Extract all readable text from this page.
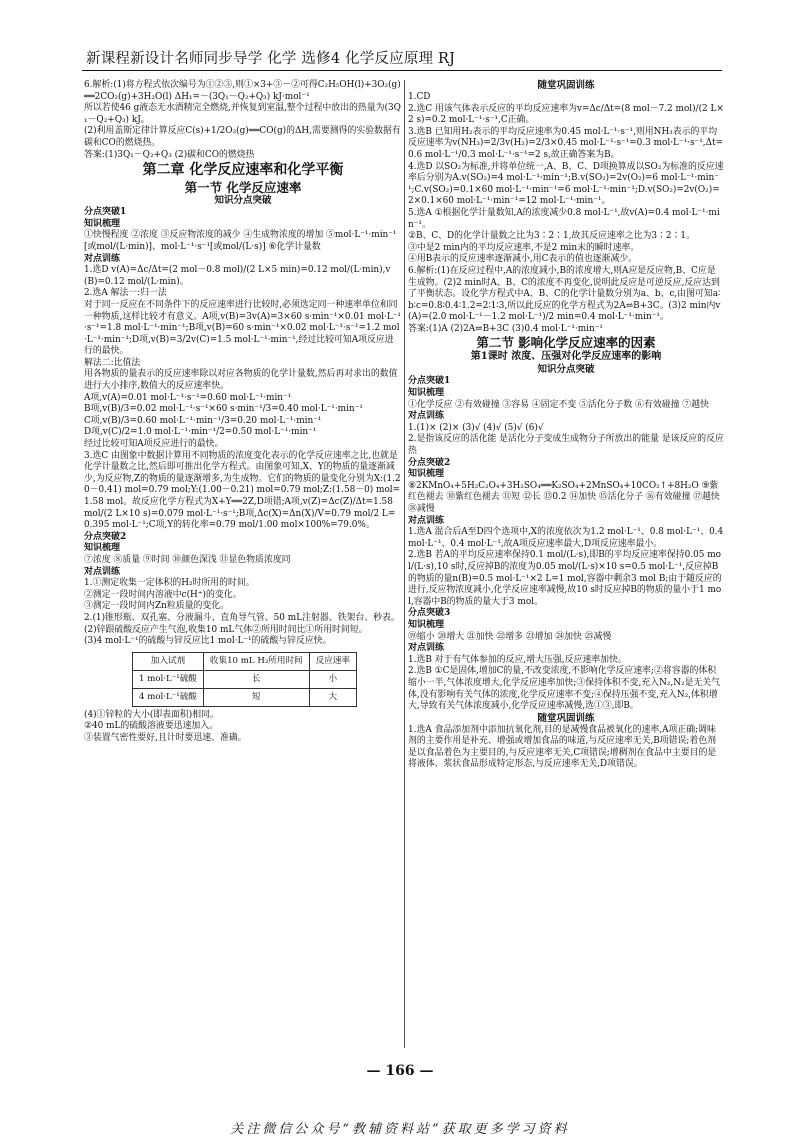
新课程新设计名师同步导学 化学 选修4 化学反应原理 RJ
6.解析:(1)将方程式依次编号为①②③,则①×3+③－②可得C₂H₅OH(l)+3O₂(g)══2CO₂(g)+3H₂O(l) ΔH₁=－(3Q₁－Q₂+Q₃) kJ·mol⁻¹
所以若使46 g液态无水酒精完全燃烧,并恢复到室温,整个过程中放出的热量为(3Q₁－Q₂+Q₃) kJ。
(2)利用盖斯定律计算反应C(s)+1/2O₂(g)══CO(g)的ΔH,需要测得的实验数据有碳和CO的燃烧热。
答案:(1)3Q₁－Q₂+Q₃ (2)碳和CO的燃烧热
第二章 化学反应速率和化学平衡
第一节 化学反应速率
知识分点突破
分点突破1
知识梳理
①快慢程度 ②浓度 ③反应物浓度的减少 ④生成物浓度的增加 ⑤mol·L⁻¹·min⁻¹[或mol/(L·min)]、mol·L⁻¹·s⁻¹[或mol/(L·s)] ⑥化学计量数
对点训练
1.选D v(A)=Δc/Δt=(2 mol－0.8 mol)/(2 L×5 min)=0.12 mol/(L·min),v(B)=0.12 mol/(L·min)。
2.选A 解法一:归一法
对于同一反应在不同条件下的反应速率进行比较时,必须选定同一种速率单位和同一种物质,这样比较才有意义。A项,v(B)=3v(A)=3×60 s·min⁻¹×0.01 mol·L⁻¹·s⁻¹=1.8 mol·L⁻¹·min⁻¹;B项,v(B)=60 s·min⁻¹×0.02 mol·L⁻¹·s⁻¹=1.2 mol·L⁻¹·min⁻¹;D项,v(B)=3/2v(C)=1.5 mol·L⁻¹·min⁻¹,经过比较可知A项反应进行的最快。
解法二:比值法
用各物质的量表示的反应速率除以对应各物质的化学计量数,然后再对求出的数值进行大小排序,数值大的反应速率快。
A项,v(A)=0.01 mol·L⁻¹·s⁻¹=0.60 mol·L⁻¹·min⁻¹
B项,v(B)/3=0.02 mol·L⁻¹·s⁻¹×60 s·min⁻¹/3=0.40 mol·L⁻¹·min⁻¹
C项,v(B)/3=0.60 mol·L⁻¹·min⁻¹/3=0.20 mol·L⁻¹·min⁻¹
D项,v(C)/2=1.0 mol·L⁻¹·min⁻¹/2=0.50 mol·L⁻¹·min⁻¹
经过比较可知A项反应进行的最快。
3.选C 由图象中数据计算用不同物质的浓度变化表示的化学反应速率之比,也就是化学计量数之比,然后即可推出化学方程式。由图象可知,X、Y的物质的量逐渐减少,为反应物,Z的物质的量逐渐增多,为生成物。它们的物质的量变化分别为X:(1.20－0.41) mol=0.79 mol;Y:(1.00－0.21) mol=0.79 mol;Z:(1.58－0) mol=1.58 mol。故反应化学方程式为X+Y══2Z,D项错;A项,v(Z)=Δc(Z)/Δt=1.58 mol/(2 L×10 s)=0.079 mol·L⁻¹·s⁻¹;B项,Δc(X)=Δn(X)/V=0.79 mol/2 L=0.395 mol·L⁻¹;C项,Y的转化率=0.79 mol/1.00 mol×100%=79.0%。
分点突破2
知识梳理
⑦浓度 ⑧质量 ⑨时间 ⑩颜色深浅 ⑪显色物质浓度同
对点训练
1.①测定收集一定体积的H₂时所用的时间。
②测定一段时间内溶液中c(H⁺)的变化。
③测定一段时间内Zn粒质量的变化。
2.(1)锥形瓶、双孔塞、分液漏斗、直角导气管、50 mL注射器、铁架台、秒表。
(2)锌跟硫酸反应产生气泡,收集10 mL气体②所用时间比①所用时间短。
(3)4 mol·L⁻¹的硫酸与锌反应比1 mol·L⁻¹的硫酸与锌反应快。
加入试剂	收集10 mL H₂所用时间	反应速率
1 mol·L⁻¹硫酸	长	小
4 mol·L⁻¹硫酸	短	大
(4)①锌粒的大小(即表面积)相同。
②40 mL的硫酸溶液要迅速加入。
③装置气密性要好,且计时要迅速、准确。
随堂巩固训练
1.CD
2.选C 用该气体表示反应的平均反应速率为v=Δc/Δt=(8 mol－7.2 mol)/(2 L×2 s)=0.2 mol·L⁻¹·s⁻¹,C正确。
3.选B 已知用H₂表示的平均反应速率为0.45 mol·L⁻¹·s⁻¹,则用NH₃表示的平均反应速率为v(NH₃)=2/3v(H₂)=2/3×0.45 mol·L⁻¹·s⁻¹=0.3 mol·L⁻¹·s⁻¹,Δt=0.6 mol·L⁻¹/0.3 mol·L⁻¹·s⁻¹=2 s,故正确答案为B。
4.选D 以SO₂为标准,并将单位统一,A、B、C、D项换算成以SO₂为标准的反应速率后分别为A.v(SO₂)=4 mol·L⁻¹·min⁻¹;B.v(SO₂)=2v(O₂)=6 mol·L⁻¹·min⁻¹;C.v(SO₂)=0.1×60 mol·L⁻¹·min⁻¹=6 mol·L⁻¹·min⁻¹;D.v(SO₂)=2v(O₂)=2×0.1×60 mol·L⁻¹·min⁻¹=12 mol·L⁻¹·min⁻¹。
5.选A ①根据化学计量数知,A的浓度减少0.8 mol·L⁻¹,故v(A)=0.4 mol·L⁻¹·min⁻¹。
②B、C、D的化学计量数之比为3∶2∶1,故其反应速率之比为3∶2∶1。
③中是2 min内的平均反应速率,不是2 min末的瞬时速率。
④用B表示的反应速率逐渐减小,用C表示的值也逐渐减少。
6.解析:(1)在反应过程中,A的浓度减小,B的浓度增大,则A应是反应物,B、C应是生成物。(2)2 min时A、B、C的浓度不再变化,说明此反应是可逆反应,反应达到了平衡状态。设化学方程式中A、B、C的化学计量数分别为a、b、c,由图可知a∶b∶c=0.8∶0.4∶1.2=2∶1∶3,所以此反应的化学方程式为2A⇌B+3C。(3)2 min内v(A)=(2.0 mol·L⁻¹－1.2 mol·L⁻¹)/2 min=0.4 mol·L⁻¹·min⁻¹。
答案:(1)A (2)2A⇌B+3C (3)0.4 mol·L⁻¹·min⁻¹
第二节 影响化学反应速率的因素
第1课时 浓度、压强对化学反应速率的影响
知识分点突破
分点突破1
知识梳理
①化学反应 ②有效碰撞 ③容易 ④固定不变 ⑤活化分子数 ⑥有效碰撞 ⑦越快
对点训练
1.(1)× (2)× (3)√ (4)√ (5)√ (6)√
2.是指该反应的活化能 是活化分子变成生成物分子所放出的能量 是该反应的反应热
分点突破2
知识梳理
⑧2KMnO₄+5H₂C₂O₄+3H₂SO₄══K₂SO₄+2MnSO₄+10CO₂↑+8H₂O ⑨紫红色褪去 ⑩紫红色褪去 ⑪短 ⑫长 ⑬0.2 ⑭加快 ⑮活化分子 ⑯有效碰撞 ⑰越快 ⑱减慢
对点训练
1.选A 混合后A至D四个选项中,X的浓度依次为1.2 mol·L⁻¹、0.8 mol·L⁻¹、0.4 mol·L⁻¹、0.4 mol·L⁻¹,故A项反应速率最大,D项反应速率最小。
2.选B 若A的平均反应速率保持0.1 mol/(L·s),即B的平均反应速率保持0.05 mol/(L·s),10 s时,反应掉B的浓度为0.05 mol/(L·s)×10 s=0.5 mol·L⁻¹,反应掉B的物质的量n(B)=0.5 mol·L⁻¹×2 L=1 mol,容器中剩余3 mol B;由于随反应的进行,反应物浓度减小,化学反应速率减慢,故10 s时反应掉B的物质的量小于1 mol,容器中B的物质的量大于3 mol。
分点突破3
知识梳理
⑲缩小 ⑳增大 ㉑加快 ㉒增多 ㉓增加 ㉔加快 ㉕减慢
对点训练
1.选B 对于有气体参加的反应,增大压强,反应速率加快。
2.选B ①C是固体,增加C的量,不改变浓度,不影响化学反应速率;②将容器的体积缩小一半,气体浓度增大,化学反应速率加快;③保持体积不变,充入N₂,N₂是无关气体,没有影响有关气体的浓度,化学反应速率不变;④保持压强不变,充入N₂,体积增大,导致有关气体浓度减小,化学反应速率减慢,选①③,即B。
随堂巩固训练
1.选A 食品添加剂中添加抗氧化剂,目的是减慢食品被氧化的速率,A项正确;调味剂的主要作用是补充、增强或增加食品的味道,与反应速率无关,B项错误;着色剂是以食品着色为主要目的,与反应速率无关,C项错误;增稠剂在食品中主要目的是将液体、浆状食品形成特定形态,与反应速率无关,D项错误。
— 166 —
关注微信公众号“教辅资料站”获取更多学习资料
